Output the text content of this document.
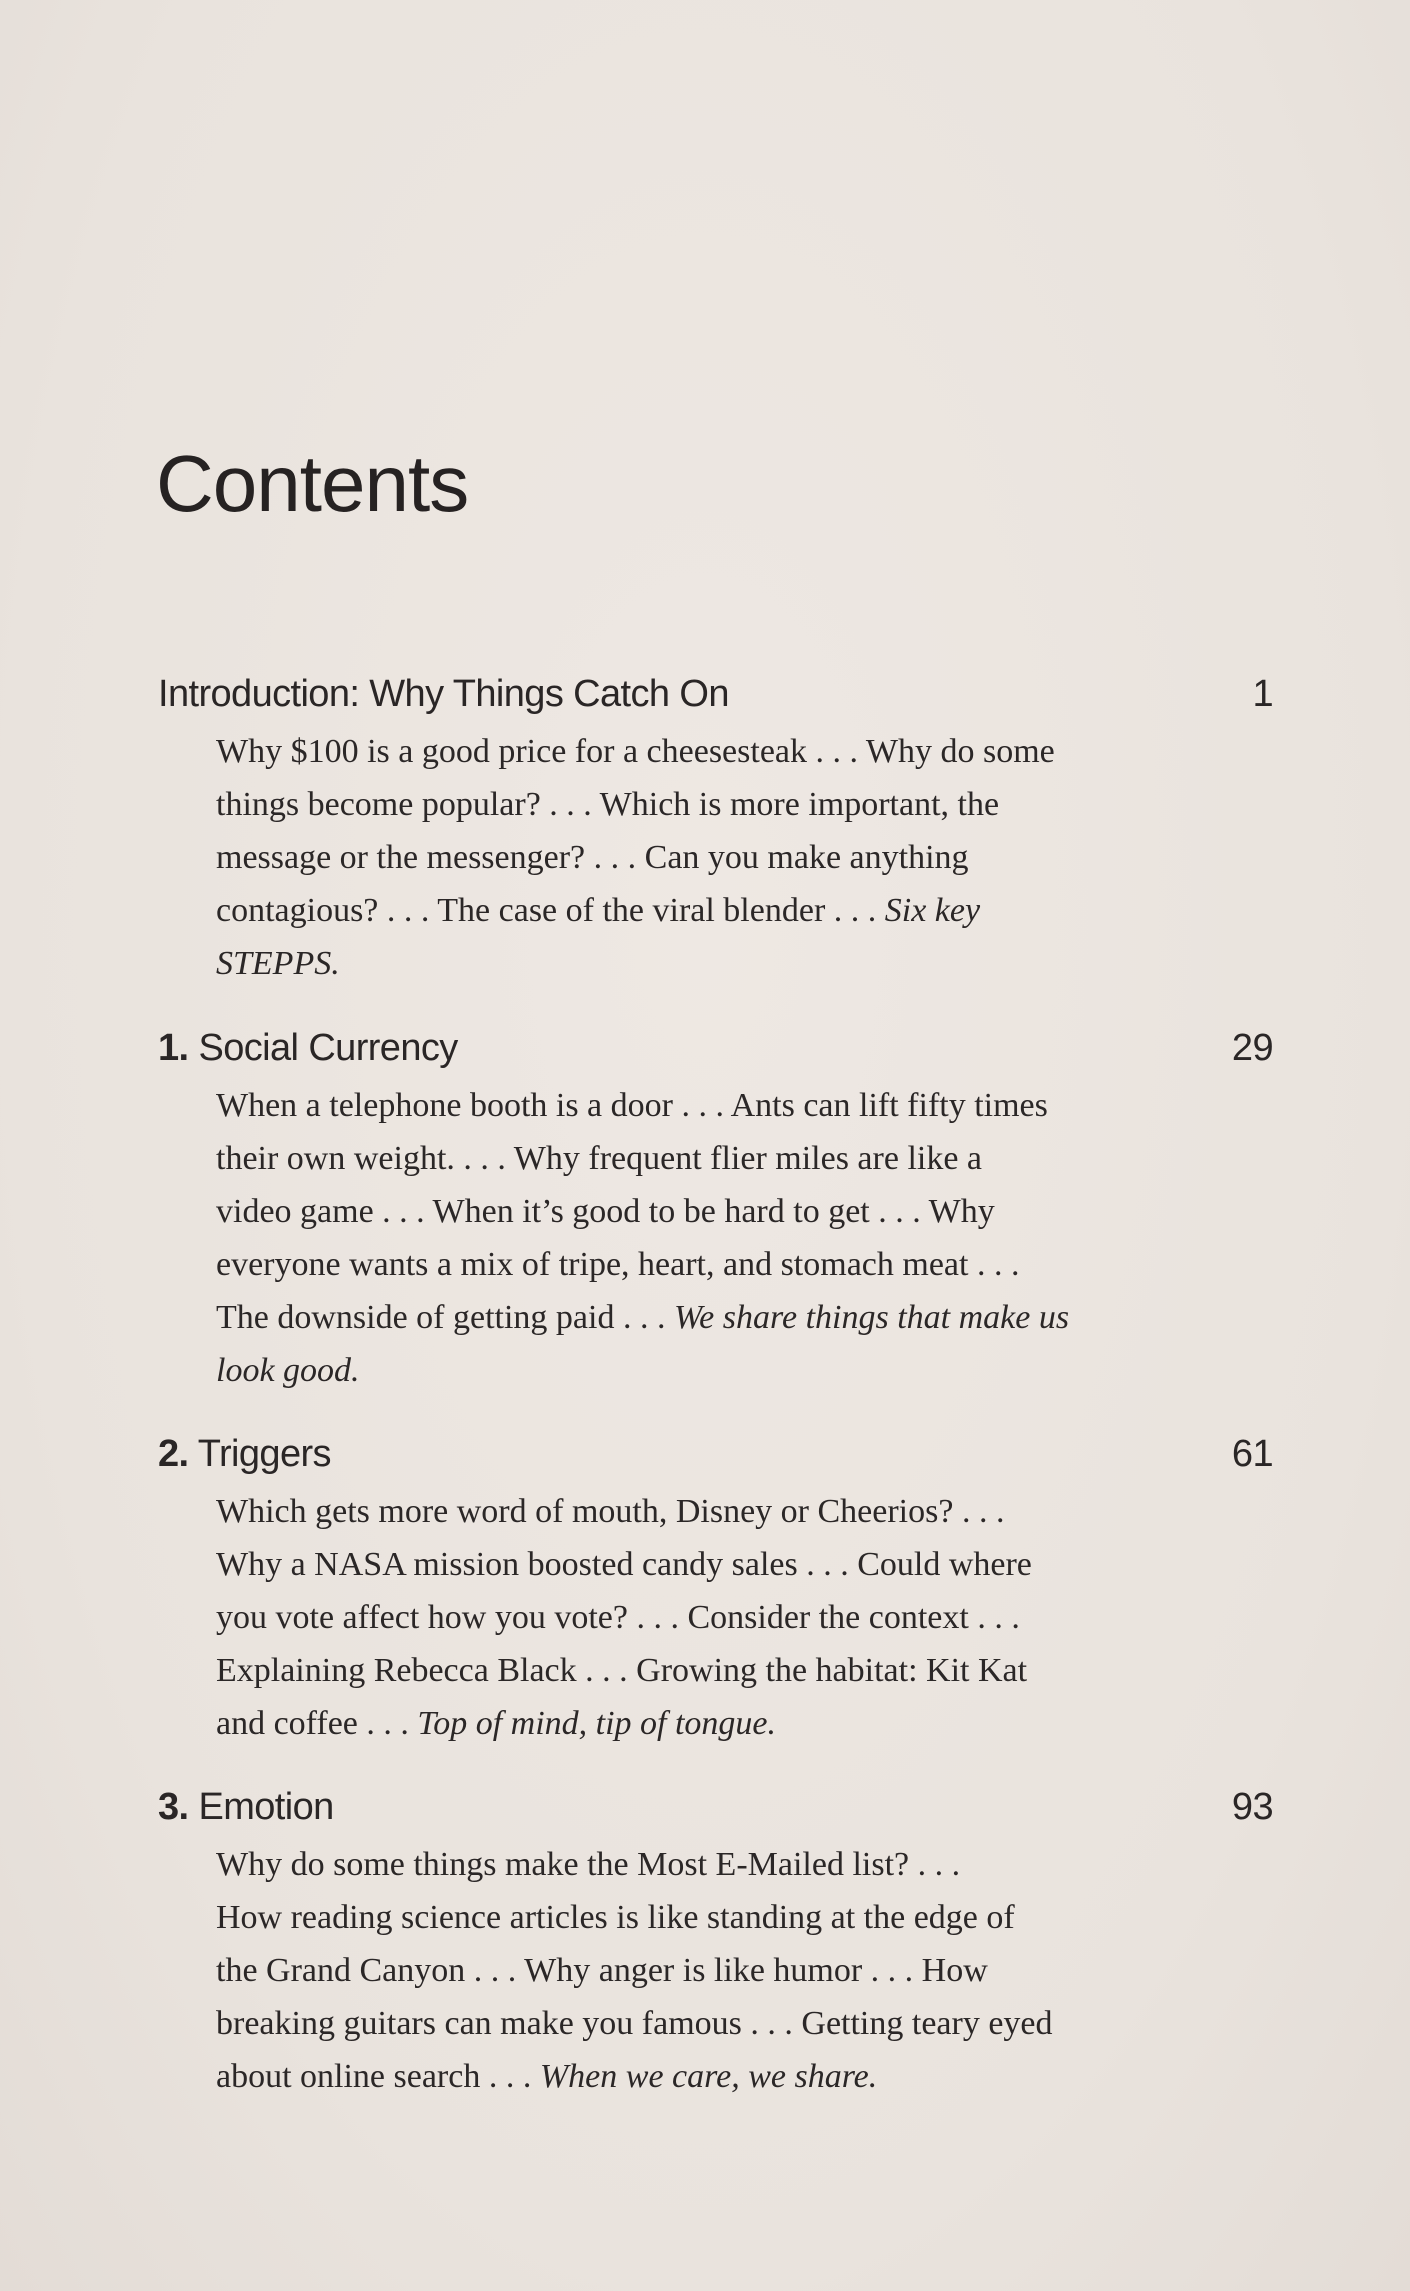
Contents
Introduction: Why Things Catch On	1
Why $100 is a good price for a cheesesteak . . . Why do some
things become popular? . . . Which is more important, the
message or the messenger? . . . Can you make anything
contagious? . . . The case of the viral blender . . . Six key
STEPPS.
1. Social Currency	29
When a telephone booth is a door . . . Ants can lift fifty times
their own weight. . . . Why frequent flier miles are like a
video game . . . When it’s good to be hard to get . . . Why
everyone wants a mix of tripe, heart, and stomach meat . . .
The downside of getting paid . . . We share things that make us
look good.
2. Triggers	61
Which gets more word of mouth, Disney or Cheerios? . . .
Why a NASA mission boosted candy sales . . . Could where
you vote affect how you vote? . . . Consider the context . . .
Explaining Rebecca Black . . . Growing the habitat: Kit Kat
and coffee . . . Top of mind, tip of tongue.
3. Emotion	93
Why do some things make the Most E-Mailed list? . . .
How reading science articles is like standing at the edge of
the Grand Canyon . . . Why anger is like humor . . . How
breaking guitars can make you famous . . . Getting teary eyed
about online search . . . When we care, we share.
